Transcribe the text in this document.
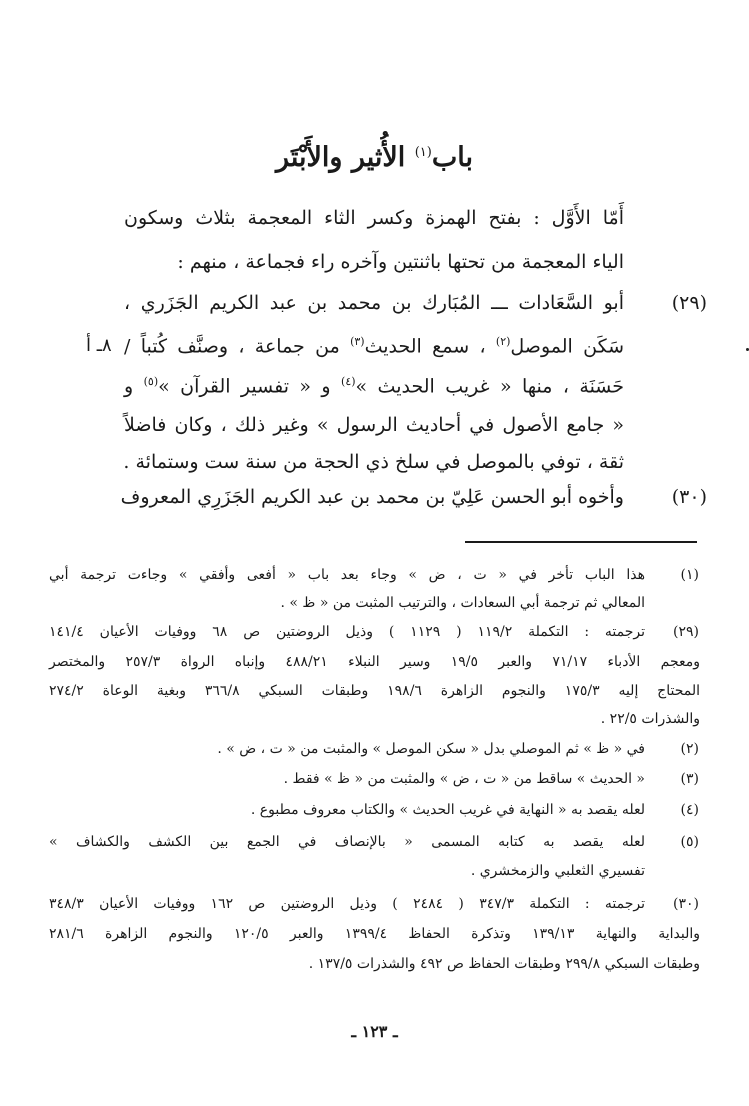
باب$^{(١)}$ الأُثير والأَبْتَر
أَمّا الأَوَّل : بفتح الهمزة وكسر الثاء المعجمة بثلاث وسكون
الياء المعجمة من تحتها باثنتين وآخره راء فجماعة ، منهم :
(٢٩)
أبو السَّعَادات ـــ المُبَارك بن محمد بن عبد الكريم الجَزَري ،
سَكَن الموصل$^{(٢)}$ ، سمع الحديث$^{(٣)}$ من جماعة ، وصنَّف كُتباً /
٨ـ أ
حَسَنَة ، منها « غريب الحديث »$^{(٤)}$ و « تفسير القرآن »$^{(٥)}$ و
« جامع الأصول في أحاديث الرسول » وغير ذلك ، وكان فاضلاً
ثقة ، توفي بالموصل في سلخ ذي الحجة من سنة ست وستمائة .
(٣٠)
وأخوه أبو الحسن عَلِيّ بن محمد بن عبد الكريم الجَزَرِي المعروف
(١)
هذا الباب تأخر في « ت ، ض » وجاء بعد باب « أفعى وأفقي » وجاءت ترجمة أبي
المعالي ثم ترجمة أبي السعادات ، والترتيب المثبت من « ظ » .
(٢٩)
ترجمته : التكملة ١١٩/٢ ( ١١٢٩ ) وذيل الروضتين ص ٦٨ ووفيات الأعيان ١٤١/٤
ومعجم الأدباء ٧١/١٧ والعبر ١٩/٥ وسير النبلاء ٤٨٨/٢١ وإنباه الرواة ٢٥٧/٣ والمختصر
المحتاج إليه ١٧٥/٣ والنجوم الزاهرة ١٩٨/٦ وطبقات السبكي ٣٦٦/٨ وبغية الوعاة ٢٧٤/٢
والشذرات ٢٢/٥ .
(٢)
في « ظ » ثم الموصلي بدل « سكن الموصل » والمثبت من « ت ، ض » .
(٣)
« الحديث » ساقط من « ت ، ض » والمثبت من « ظ » فقط .
(٤)
لعله يقصد به « النهاية في غريب الحديث » والكتاب معروف مطبوع .
(٥)
لعله يقصد به كتابه المسمى « بالإنصاف في الجمع بين الكشف والكشاف »
تفسيري الثعلبي والزمخشري .
(٣٠)
ترجمته : التكملة ٣٤٧/٣ ( ٢٤٨٤ ) وذيل الروضتين ص ١٦٢ ووفيات الأعيان ٣٤٨/٣
والبداية والنهاية ١٣٩/١٣ وتذكرة الحفاظ ١٣٩٩/٤ والعبر ١٢٠/٥ والنجوم الزاهرة ٢٨١/٦
وطبقات السبكي ٢٩٩/٨ وطبقات الحفاظ ص ٤٩٢ والشذرات ١٣٧/٥ .
ـ ١٢٣ ـ
